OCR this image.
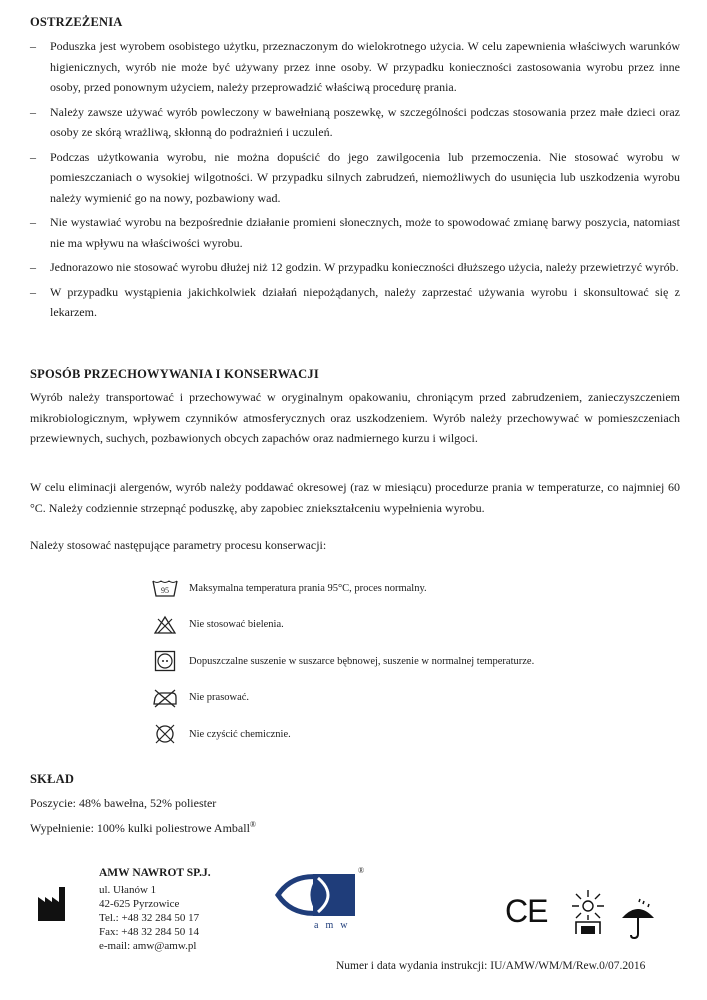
OSTRZEŻENIA
– Poduszka jest wyrobem osobistego użytku, przeznaczonym do wielokrotnego użycia. W celu zapewnienia właściwych warunków higienicznych, wyrób nie może być używany przez inne osoby. W przypadku konieczności zastosowania wyrobu przez inne osoby, przed ponownym użyciem, należy przeprowadzić właściwą procedurę prania.
– Należy zawsze używać wyrób powleczony w bawełnianą poszewkę, w szczególności podczas stosowania przez małe dzieci oraz osoby ze skórą wrażliwą, skłonną do podrażnień i uczuleń.
– Podczas użytkowania wyrobu, nie można dopuścić do jego zawilgocenia lub przemoczenia. Nie stosować wyrobu w pomieszczaniach o wysokiej wilgotności. W przypadku silnych zabrudzeń, niemożliwych do usunięcia lub uszkodzenia wyrobu należy wymienić go na nowy, pozbawiony wad.
– Nie wystawiać wyrobu na bezpośrednie działanie promieni słonecznych, może to spowodować zmianę barwy poszycia, natomiast nie ma wpływu na właściwości wyrobu.
– Jednorazowo nie stosować wyrobu dłużej niż 12 godzin. W przypadku konieczności dłuższego użycia, należy przewietrzyć wyrób.
– W przypadku wystąpienia jakichkolwiek działań niepożądanych, należy zaprzestać używania wyrobu i skonsultować się z lekarzem.
SPOSÓB PRZECHOWYWANIA I KONSERWACJI

Wyrób należy transportować i przechowywać w oryginalnym opakowaniu, chroniącym przed zabrudzeniem, zanieczyszczeniem mikrobiologicznym, wpływem czynników atmosferycznych oraz uszkodzeniem. Wyrób należy przechowywać w pomieszczeniach przewiewnych, suchych, pozbawionych obcych zapachów oraz nadmiernego kurzu i wilgoci.

W celu eliminacji alergenów, wyrób należy poddawać okresowej (raz w miesiącu) procedurze prania w temperaturze, co najmniej 60 °C. Należy codziennie strzepnąć poduszkę, aby zapobiec zniekształceniu wypełnienia wyrobu.

Należy stosować następujące parametry procesu konserwacji:

95 Maksymalna temperatura prania 95°C, proces normalny.
Nie stosować bielenia.
Dopuszczalne suszenie w suszarce bębnowej, suszenie w normalnej temperaturze.
Nie prasować.
Nie czyścić chemicznie.
SKŁAD
Poszycie: 48% bawełna, 52% poliester
Wypełnienie: 100% kulki poliestrowe Amball®
AMW NAWROT SP.J.
ul. Ułanów 1
42-625 Pyrzowice
Tel.: +48 32 284 50 17
Fax: +48 32 284 50 14
e-mail: amw@amw.pl
®
amw	CE
Numer i data wydania instrukcji: IU/AMW/WM/M/Rew.0/07.2016
